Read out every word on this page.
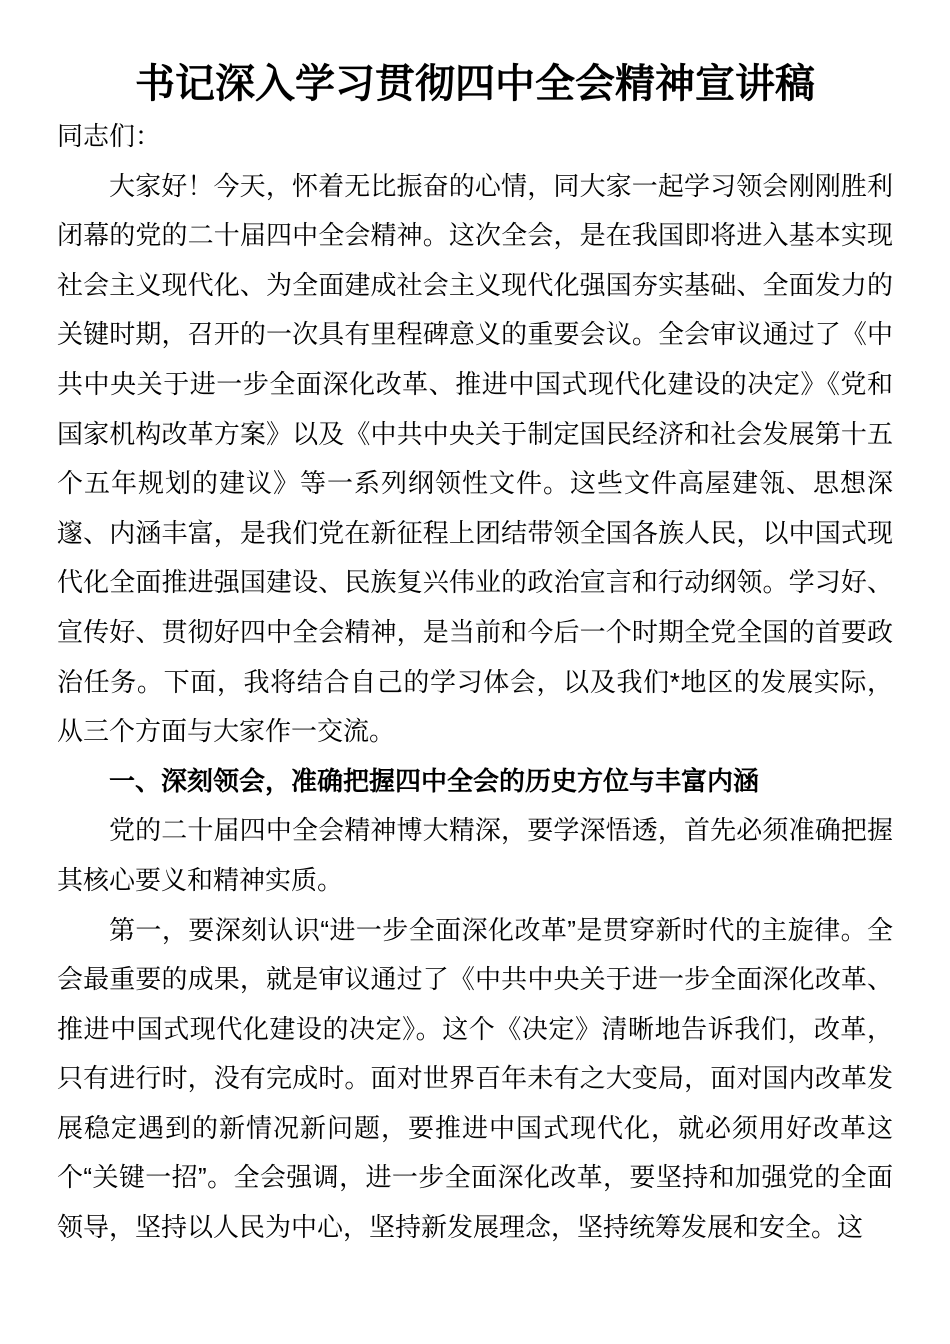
书记深入学习贯彻四中全会精神宣讲稿

同志们：

大家好！今天，怀着无比振奋的心情，同大家一起学习领会刚刚胜利闭幕的党的二十届四中全会精神。这次全会，是在我国即将进入基本实现社会主义现代化、为全面建成社会主义现代化强国夯实基础、全面发力的关键时期，召开的一次具有里程碑意义的重要会议。全会审议通过了《中共中央关于进一步全面深化改革、推进中国式现代化建设的决定》《党和国家机构改革方案》以及《中共中央关于制定国民经济和社会发展第十五个五年规划的建议》等一系列纲领性文件。这些文件高屋建瓴、思想深邃、内涵丰富，是我们党在新征程上团结带领全国各族人民，以中国式现代化全面推进强国建设、民族复兴伟业的政治宣言和行动纲领。学习好、宣传好、贯彻好四中全会精神，是当前和今后一个时期全党全国的首要政治任务。下面，我将结合自己的学习体会，以及我们*地区的发展实际，从三个方面与大家作一交流。

一、深刻领会，准确把握四中全会的历史方位与丰富内涵

党的二十届四中全会精神博大精深，要学深悟透，首先必须准确把握其核心要义和精神实质。

第一，要深刻认识“进一步全面深化改革”是贯穿新时代的主旋律。全会最重要的成果，就是审议通过了《中共中央关于进一步全面深化改革、推进中国式现代化建设的决定》。这个《决定》清晰地告诉我们，改革，只有进行时，没有完成时。面对世界百年未有之大变局，面对国内改革发展稳定遇到的新情况新问题，要推进中国式现代化，就必须用好改革这个“关键一招”。全会强调，进一步全面深化改革，要坚持和加强党的全面领导，坚持以人民为中心，坚持新发展理念，坚持统筹发展和安全。这
